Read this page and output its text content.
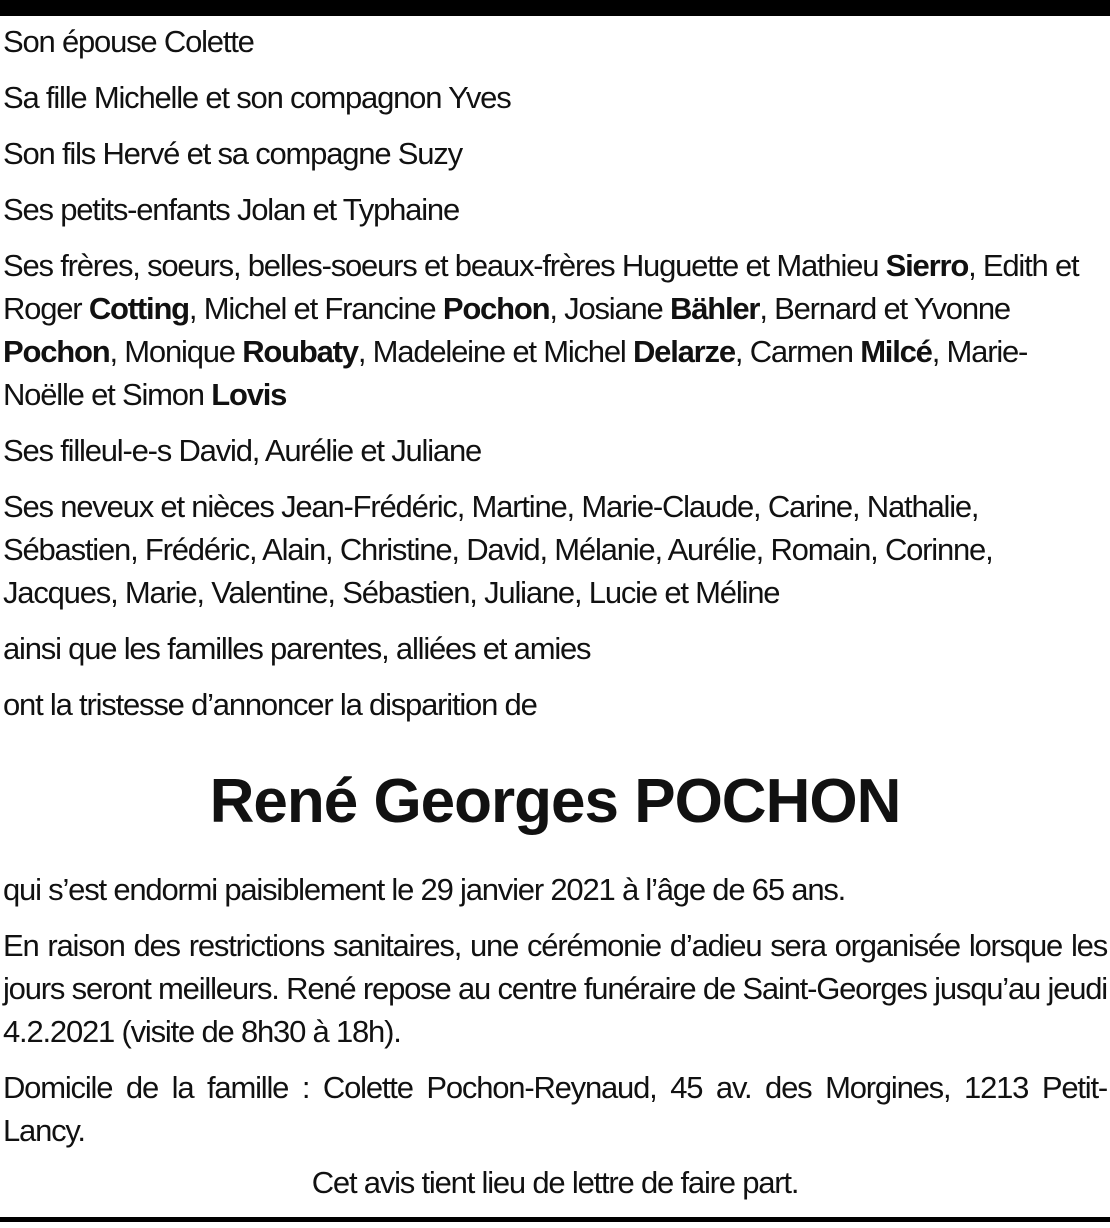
Son épouse Colette

Sa fille Michelle et son compagnon Yves

Son fils Hervé et sa compagne Suzy

Ses petits-enfants Jolan et Typhaine

Ses frères, soeurs, belles-soeurs et beaux-frères Huguette et Mathieu Sierro, Edith et Roger Cotting, Michel et Francine Pochon, Josiane Bähler, Bernard et Yvonne Pochon, Monique Roubaty, Madeleine et Michel Delarze, Carmen Milcé, Marie-Noëlle et Simon Lovis

Ses filleul-e-s David, Aurélie et Juliane

Ses neveux et nièces Jean-Frédéric, Martine, Marie-Claude, Carine, Nathalie, Sébastien, Frédéric, Alain, Christine, David, Mélanie, Aurélie, Romain, Corinne, Jacques, Marie, Valentine, Sébastien, Juliane, Lucie et Méline

ainsi que les familles parentes, alliées et amies

ont la tristesse d’annoncer la disparition de

René Georges POCHON

qui s’est endormi paisiblement le 29 janvier 2021 à l’âge de 65 ans.

En raison des restrictions sanitaires, une cérémonie d’adieu sera organisée lorsque les jours seront meilleurs. René repose au centre funéraire de Saint-Georges jusqu’au jeudi 4.2.2021 (visite de 8h30 à 18h).

Domicile de la famille : Colette Pochon-Reynaud, 45 av. des Morgines, 1213 Petit-Lancy.

Cet avis tient lieu de lettre de faire part.
